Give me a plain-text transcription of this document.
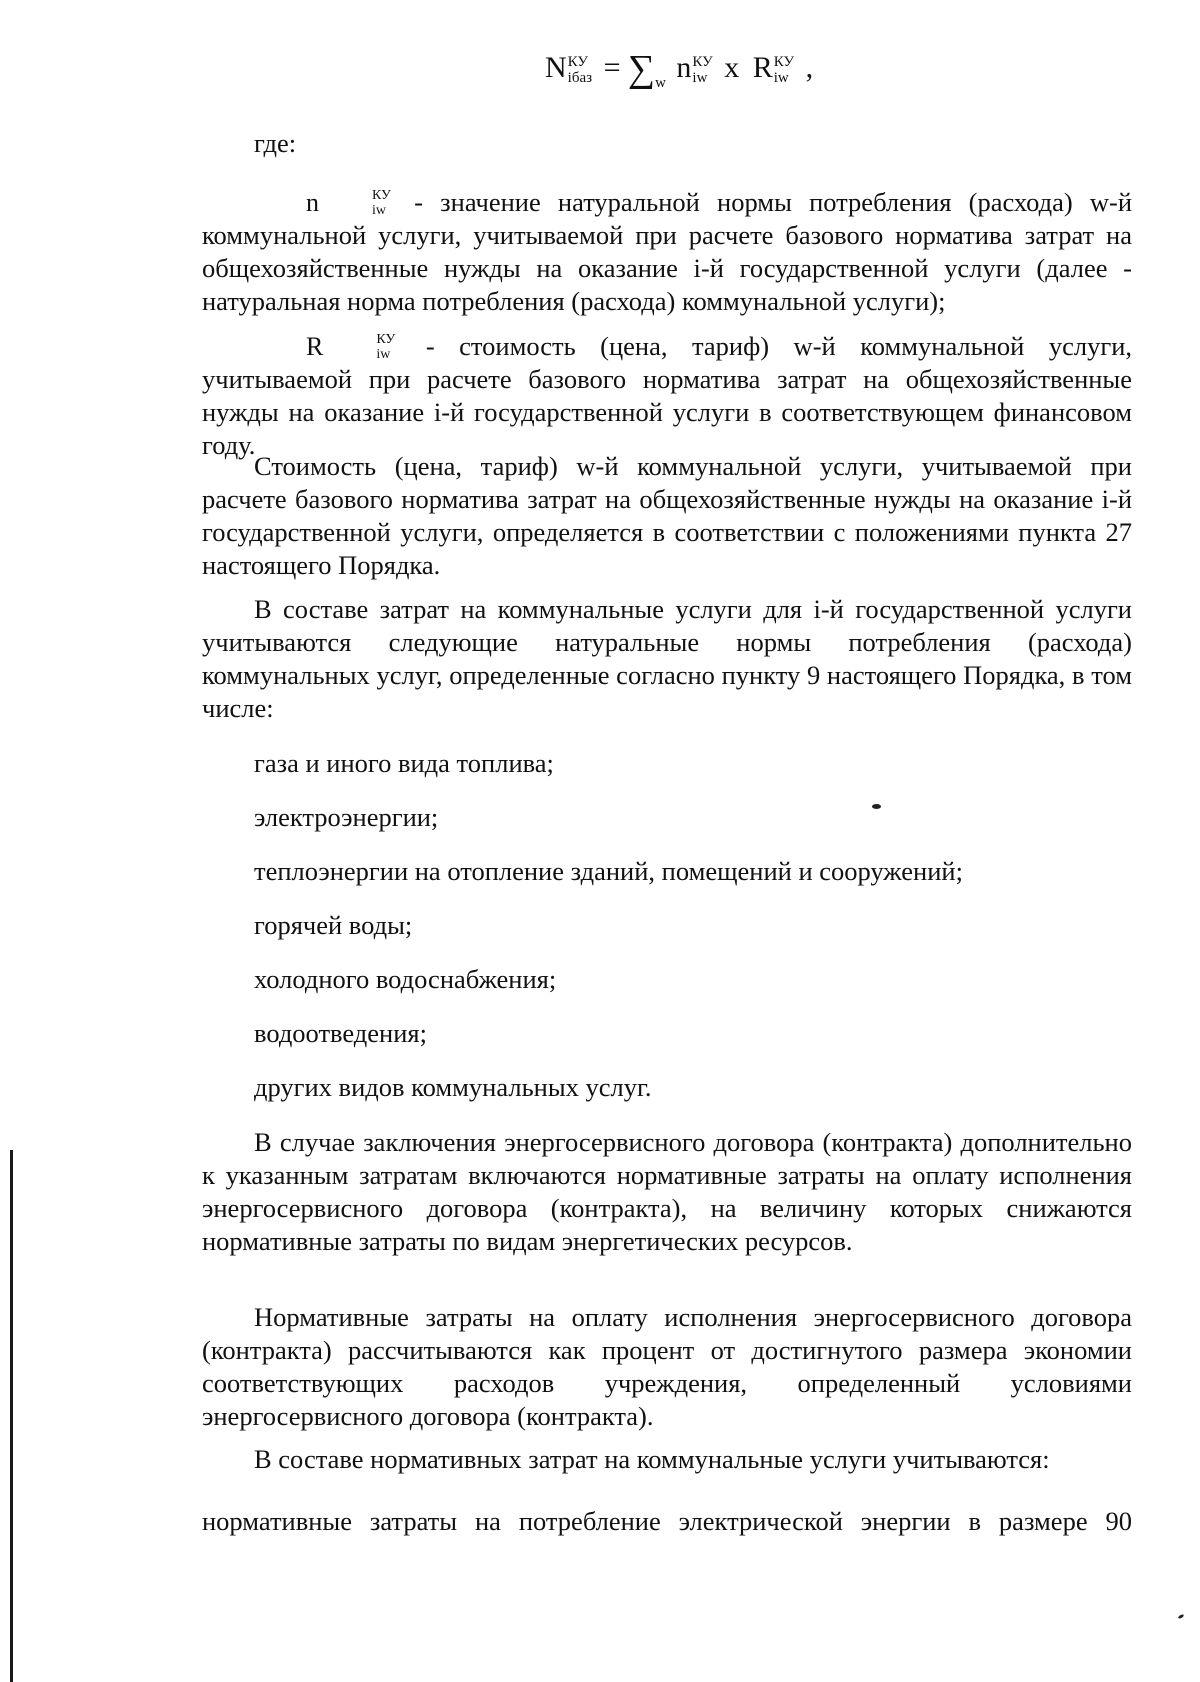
N КУ
iбаз = $\sum_w$ n КУ
iw x R КУ
iw ,
где:
n	КУ
iw - значение натуральной нормы потребления (расхода) w-й коммунальной услуги, учитываемой при расчете базового норматива затрат на общехозяйственные нужды на оказание i-й государственной услуги (далее - натуральная норма потребления (расхода) коммунальной услуги);
R	КУ
iw - стоимость (цена, тариф) w-й коммунальной услуги, учитываемой при расчете базового норматива затрат на общехозяйственные нужды на оказание i-й государственной услуги в соответствующем финансовом году.
Стоимость (цена, тариф) w-й коммунальной услуги, учитываемой при расчете базового норматива затрат на общехозяйственные нужды на оказание i-й государственной услуги, определяется в соответствии с положениями пункта 27 настоящего Порядка.
В составе затрат на коммунальные услуги для i-й государственной услуги учитываются следующие натуральные нормы потребления (расхода) коммунальных услуг, определенные согласно пункту 9 настоящего Порядка, в том числе:
газа и иного вида топлива;
электроэнергии;
теплоэнергии на отопление зданий, помещений и сооружений;
горячей воды;
холодного водоснабжения;
водоотведения;
других видов коммунальных услуг.
В случае заключения энергосервисного договора (контракта) дополнительно к указанным затратам включаются нормативные затраты на оплату исполнения энергосервисного договора (контракта), на величину которых снижаются нормативные затраты по видам энергетических ресурсов.
Нормативные затраты на оплату исполнения энергосервисного договора (контракта) рассчитываются как процент от достигнутого размера экономии соответствующих расходов учреждения, определенный условиями энергосервисного договора (контракта).
В составе нормативных затрат на коммунальные услуги учитываются:
нормативные затраты на потребление электрической энергии в размере 90
